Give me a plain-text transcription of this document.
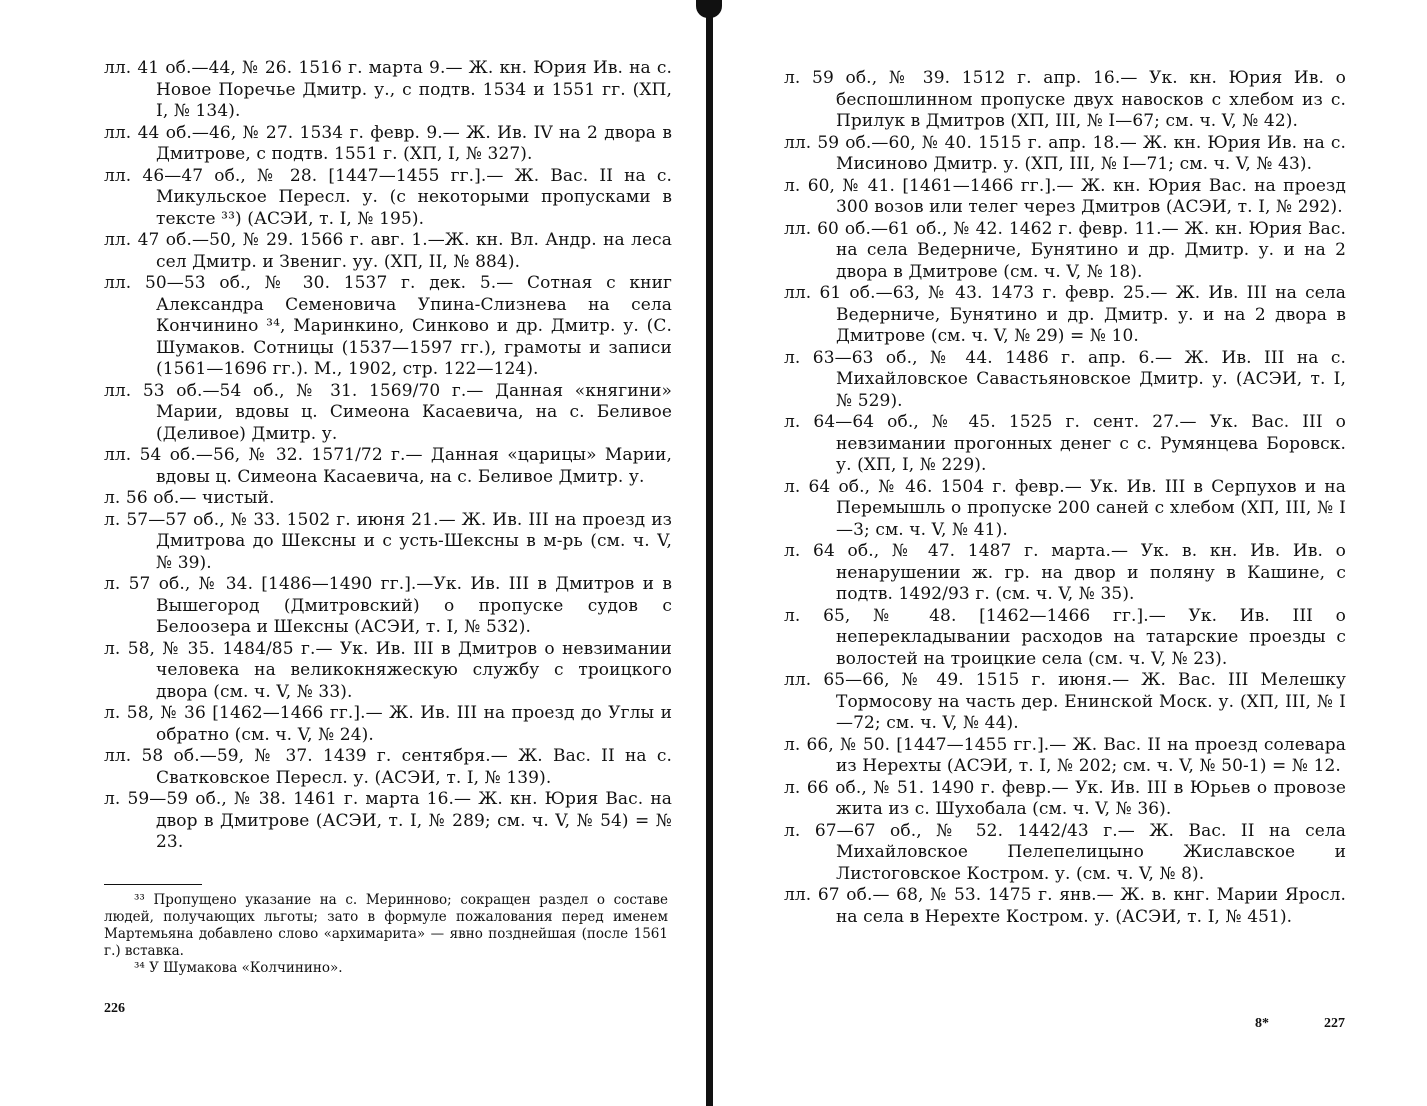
лл. 41 об.—44, № 26. 1516 г. марта 9.— Ж. кн. Юрия Ив. на с. Новое Поречье Дмитр. у., с подтв. 1534 и 1551 гг. (ХП, I, № 134).
лл. 44 об.—46, № 27. 1534 г. февр. 9.— Ж. Ив. IV на 2 двора в Дмитрове, с подтв. 1551 г. (ХП, I, № 327).
лл. 46—47 об., № 28. [1447—1455 гг.].— Ж. Вас. II на с. Микульское Пересл. у. (с некоторыми пропусками в тексте ³³) (АСЭИ, т. I, № 195).
лл. 47 об.—50, № 29. 1566 г. авг. 1.—Ж. кн. Вл. Андр. на леса сел Дмитр. и Звениг. уу. (ХП, II, № 884).
лл. 50—53 об., № 30. 1537 г. дек. 5.— Сотная с книг Александра Семеновича Упина-Слизнева на села Кончинино ³⁴, Маринкино, Синково и др. Дмитр. у. (С. Шумаков. Сотницы (1537—1597 гг.), грамоты и записи (1561—1696 гг.). М., 1902, стр. 122—124).
лл. 53 об.—54 об., № 31. 1569/70 г.— Данная «княгини» Марии, вдовы ц. Симеона Касаевича, на с. Беливое (Деливое) Дмитр. у.
лл. 54 об.—56, № 32. 1571/72 г.— Данная «царицы» Марии, вдовы ц. Симеона Касаевича, на с. Беливое Дмитр. у.
л. 56 об.— чистый.
л. 57—57 об., № 33. 1502 г. июня 21.— Ж. Ив. III на проезд из Дмитрова до Шексны и с усть-Шексны в м-рь (см. ч. V, № 39).
л. 57 об., № 34. [1486—1490 гг.].—Ук. Ив. III в Дмитров и в Вышегород (Дмитровский) о пропуске судов с Белоозера и Шексны (АСЭИ, т. I, № 532).
л. 58, № 35. 1484/85 г.— Ук. Ив. III в Дмитров о невзимании человека на великокняжескую службу с троицкого двора (см. ч. V, № 33).
л. 58, № 36 [1462—1466 гг.].— Ж. Ив. III на проезд до Углы и обратно (см. ч. V, № 24).
лл. 58 об.—59, № 37. 1439 г. сентября.— Ж. Вас. II на с. Сватковское Пересл. у. (АСЭИ, т. I, № 139).
л. 59—59 об., № 38. 1461 г. марта 16.— Ж. кн. Юрия Вас. на двор в Дмитрове (АСЭИ, т. I, № 289; см. ч. V, № 54) = № 23.

³³ Пропущено указание на с. Меринново; сокращен раздел о составе людей, получающих льготы; зато в формуле пожалования перед именем Мартемьяна добавлено слово «архимарита» — явно позднейшая (после 1561 г.) вставка.

³⁴ У Шумакова «Колчинино».

226
л. 59 об., № 39. 1512 г. апр. 16.— Ук. кн. Юрия Ив. о беспошлинном пропуске двух навосков с хлебом из с. Прилук в Дмитров (ХП, III, № I—67; см. ч. V, № 42).
лл. 59 об.—60, № 40. 1515 г. апр. 18.— Ж. кн. Юрия Ив. на с. Мисиново Дмитр. у. (ХП, III, № I—71; см. ч. V, № 43).
л. 60, № 41. [1461—1466 гг.].— Ж. кн. Юрия Вас. на проезд 300 возов или телег через Дмитров (АСЭИ, т. I, № 292).
лл. 60 об.—61 об., № 42. 1462 г. февр. 11.— Ж. кн. Юрия Вас. на села Ведерниче, Бунятино и др. Дмитр. у. и на 2 двора в Дмитрове (см. ч. V, № 18).
лл. 61 об.—63, № 43. 1473 г. февр. 25.— Ж. Ив. III на села Ведерниче, Бунятино и др. Дмитр. у. и на 2 двора в Дмитрове (см. ч. V, № 29) = № 10.
л. 63—63 об., № 44. 1486 г. апр. 6.— Ж. Ив. III на с. Михайловское Савастьяновское Дмитр. у. (АСЭИ, т. I, № 529).
л. 64—64 об., № 45. 1525 г. сент. 27.— Ук. Вас. III о невзимании прогонных денег с с. Румянцева Боровск. у. (ХП, I, № 229).
л. 64 об., № 46. 1504 г. февр.— Ук. Ив. III в Серпухов и на Перемышль о пропуске 200 саней с хлебом (ХП, III, № I—3; см. ч. V, № 41).
л. 64 об., № 47. 1487 г. марта.— Ук. в. кн. Ив. Ив. о ненарушении ж. гр. на двор и поляну в Кашине, с подтв. 1492/93 г. (см. ч. V, № 35).
л. 65, № 48. [1462—1466 гг.].— Ук. Ив. III о неперекладывании расходов на татарские проезды с волостей на троицкие села (см. ч. V, № 23).
лл. 65—66, № 49. 1515 г. июня.— Ж. Вас. III Мелешку Тормосову на часть дер. Енинской Моск. у. (ХП, III, № I—72; см. ч. V, № 44).
л. 66, № 50. [1447—1455 гг.].— Ж. Вас. II на проезд солевара из Нерехты (АСЭИ, т. I, № 202; см. ч. V, № 50-1) = № 12.
л. 66 об., № 51. 1490 г. февр.— Ук. Ив. III в Юрьев о провозе жита из с. Шухобала (см. ч. V, № 36).
л. 67—67 об., № 52. 1442/43 г.— Ж. Вас. II на села Михайловское Пелепелицыно Жиславское и Листоговское Костром. у. (см. ч. V, № 8).
лл. 67 об.— 68, № 53. 1475 г. янв.— Ж. в. кнг. Марии Яросл. на села в Нерехте Костром. у. (АСЭИ, т. I, № 451).
8*	227
